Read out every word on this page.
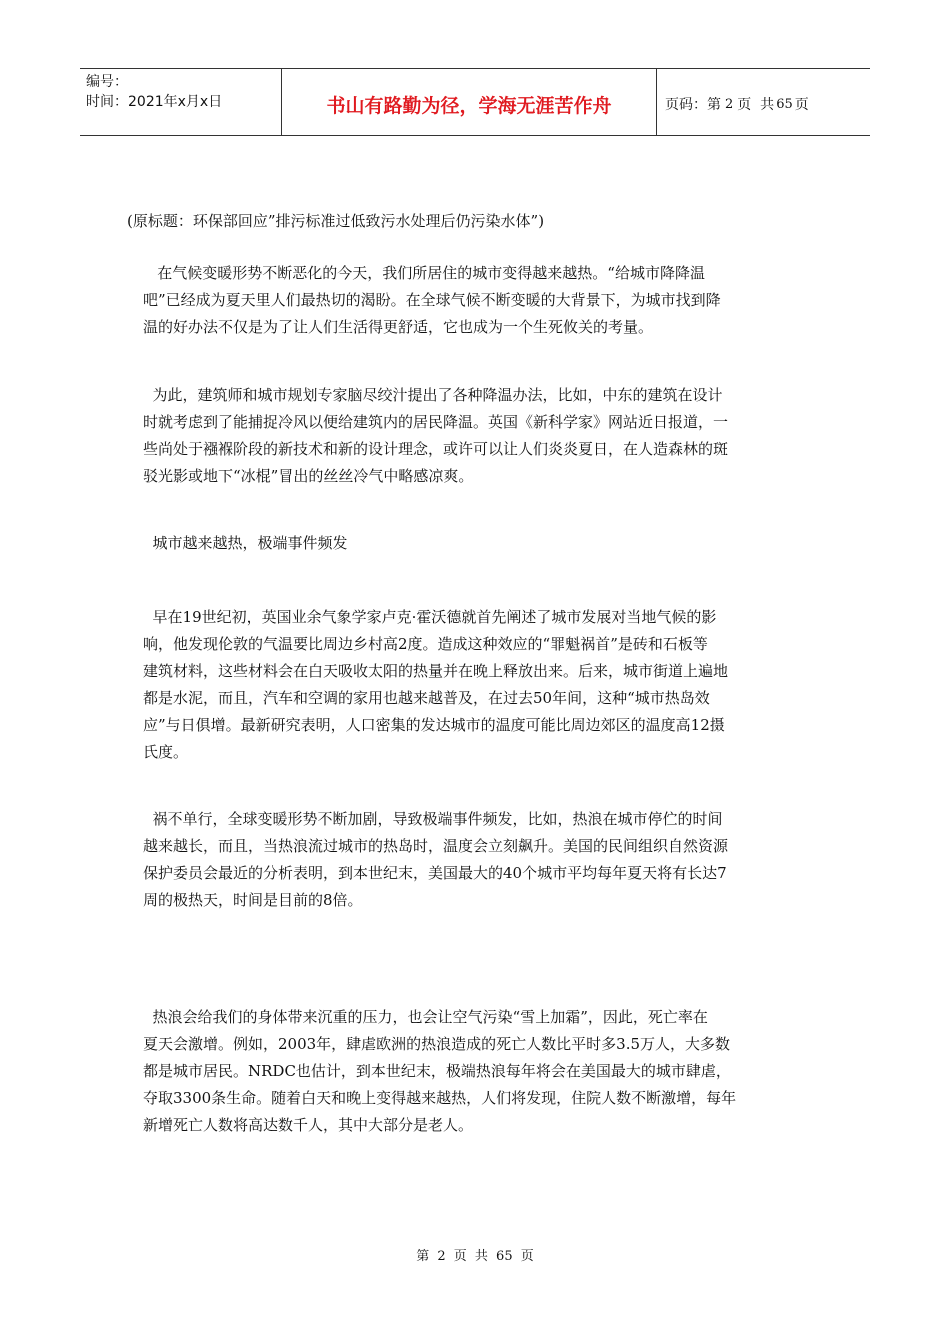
编号：
时间：2021年x月x日	书山有路勤为径，学海无涯苦作舟	页码：第 2 页  共 65 页
(原标题：环保部回应”排污标准过低致污水处理后仍污染水体”)
在气候变暖形势不断恶化的今天，我们所居住的城市变得越来越热。“给城市降降温
吧”已经成为夏天里人们最热切的渴盼。在全球气候不断变暖的大背景下，为城市找到降
温的好办法不仅是为了让人们生活得更舒适，它也成为一个生死攸关的考量。
为此，建筑师和城市规划专家脑尽绞汁提出了各种降温办法，比如，中东的建筑在设计
时就考虑到了能捕捉冷风以便给建筑内的居民降温。英国《新科学家》网站近日报道，一
些尚处于襁褓阶段的新技术和新的设计理念，或许可以让人们炎炎夏日，在人造森林的斑
驳光影或地下“冰棍”冒出的丝丝冷气中略感凉爽。
城市越来越热，极端事件频发
早在19世纪初，英国业余气象学家卢克·霍沃德就首先阐述了城市发展对当地气候的影
响，他发现伦敦的气温要比周边乡村高2度。造成这种效应的“罪魁祸首”是砖和石板等
建筑材料，这些材料会在白天吸收太阳的热量并在晚上释放出来。后来，城市街道上遍地
都是水泥，而且，汽车和空调的家用也越来越普及，在过去50年间，这种“城市热岛效
应”与日俱增。最新研究表明，人口密集的发达城市的温度可能比周边郊区的温度高12摄
氏度。
祸不单行，全球变暖形势不断加剧，导致极端事件频发，比如，热浪在城市停伫的时间
越来越长，而且，当热浪流过城市的热岛时，温度会立刻飙升。美国的民间组织自然资源
保护委员会最近的分析表明，到本世纪末，美国最大的40个城市平均每年夏天将有长达7
周的极热天，时间是目前的8倍。
热浪会给我们的身体带来沉重的压力，也会让空气污染“雪上加霜”，因此，死亡率在
夏天会激增。例如，2003年，肆虐欧洲的热浪造成的死亡人数比平时多3.5万人，大多数
都是城市居民。NRDC也估计，到本世纪末，极端热浪每年将会在美国最大的城市肆虐，
夺取3300条生命。随着白天和晚上变得越来越热，人们将发现，住院人数不断激增，每年
新增死亡人数将高达数千人，其中大部分是老人。
第 2 页 共 65 页
